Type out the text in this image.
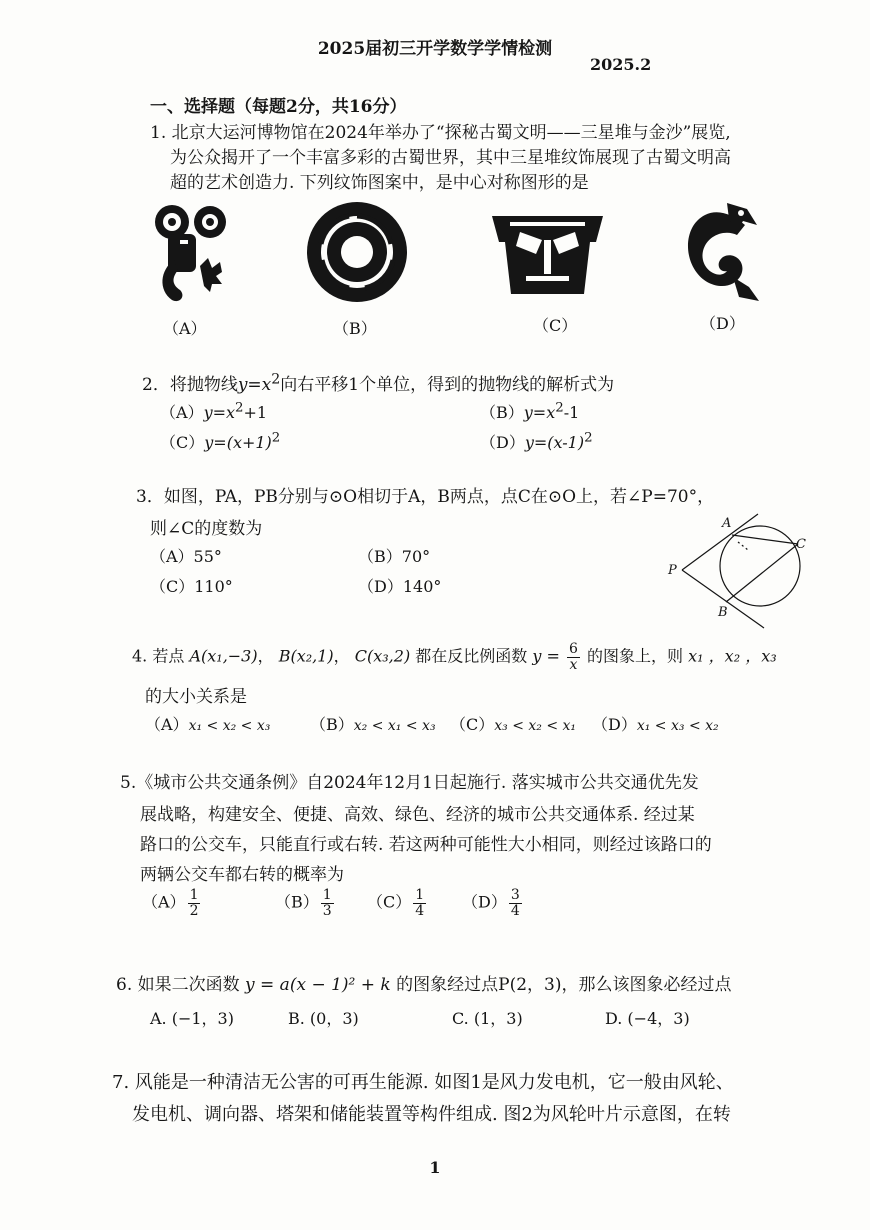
2025届初三开学数学学情检测
2025.2
一、选择题（每题2分，共16分）
1. 北京大运河博物馆在2024年举办了“探秘古蜀文明——三星堆与金沙”展览,
为公众揭开了一个丰富多彩的古蜀世界，其中三星堆纹饰展现了古蜀文明高
超的艺术创造力. 下列纹饰图案中，是中心对称图形的是
（A）	（B）	（C）	（D）
2．将抛物线$y=x^2$向右平移1个单位，得到的抛物线的解析式为
$(A)y=x^2+1$	$(B)y=x^2-1$
$(C)y=(x+1)^2$	$(D)y=(x-1)^2$
3．如图，PA，PB分别与⊙O相切于A，B两点，点C在⊙O上，若∠P=70°，
则∠C的度数为
（A）55°	（B）70°
（C）110°	（D）140°
A
C
P
B
4. 若点 A(x₁,−3)， B(x₂,1)， C(x₃,2) 都在反比例函数 $y = \frac{6}{x}$ 的图象上，则 x₁ ，x₂ ，x₃
的大小关系是
（A）x₁ < x₂ < x₃ （B）x₂ < x₁ < x₃ （C）x₃ < x₂ < x₁ （D）x₁ < x₃ < x₂
5.《城市公共交通条例》自2024年12月1日起施行. 落实城市公共交通优先发
展战略，构建安全、便捷、高效、绿色、经济的城市公共交通体系. 经过某
路口的公交车，只能直行或右转. 若这两种可能性大小相同，则经过该路口的
两辆公交车都右转的概率为
$(A) \frac{1}{2}$	$(B) \frac{1}{3} (C) \frac{1}{4} (D) \frac{3}{4}$
6. 如果二次函数 y = a(x − 1)² + k 的图象经过点P(2，3)，那么该图象必经过点
A. (−1，3)	B. (0，3)	C. (1，3)	D. (−4，3)
7. 风能是一种清洁无公害的可再生能源. 如图1是风力发电机，它一般由风轮、
发电机、调向器、塔架和储能装置等构件组成. 图2为风轮叶片示意图，在转
1
